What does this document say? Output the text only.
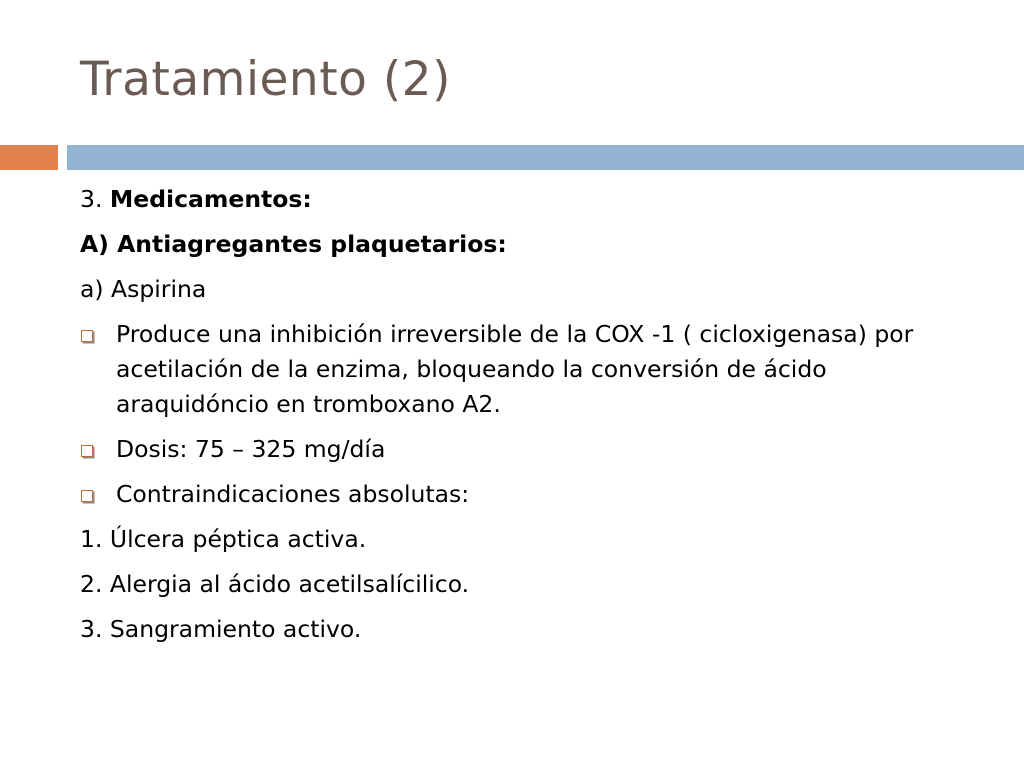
Tratamiento (2)
3. Medicamentos:
A) Antiagregantes plaquetarios:
a) Aspirina
Produce una inhibición irreversible de la COX -1 ( cicloxigenasa) por acetilación de la enzima, bloqueando la conversión de ácido araquidóncio en tromboxano A2.
Dosis: 75 – 325 mg/día
Contraindicaciones absolutas:
1. Úlcera péptica activa.
2. Alergia al ácido acetilsalícilico.
3. Sangramiento activo.
